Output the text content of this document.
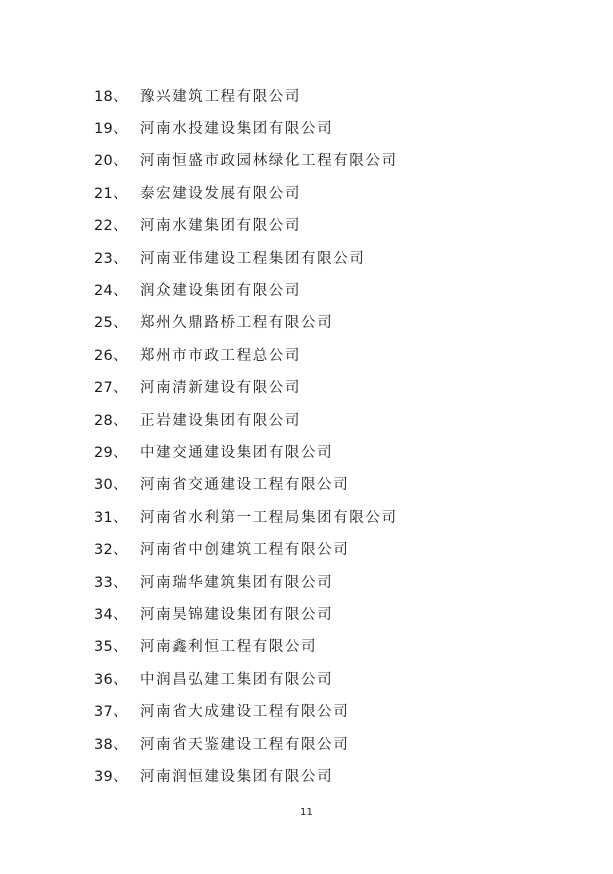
18、 豫兴建筑工程有限公司
19、 河南水投建设集团有限公司
20、 河南恒盛市政园林绿化工程有限公司
21、 泰宏建设发展有限公司
22、 河南水建集团有限公司
23、 河南亚伟建设工程集团有限公司
24、 润众建设集团有限公司
25、 郑州久鼎路桥工程有限公司
26、 郑州市市政工程总公司
27、 河南清新建设有限公司
28、 正岩建设集团有限公司
29、 中建交通建设集团有限公司
30、 河南省交通建设工程有限公司
31、 河南省水利第一工程局集团有限公司
32、 河南省中创建筑工程有限公司
33、 河南瑞华建筑集团有限公司
34、 河南昊锦建设集团有限公司
35、 河南鑫利恒工程有限公司
36、 中润昌弘建工集团有限公司
37、 河南省大成建设工程有限公司
38、 河南省天鉴建设工程有限公司
39、 河南润恒建设集团有限公司
11
